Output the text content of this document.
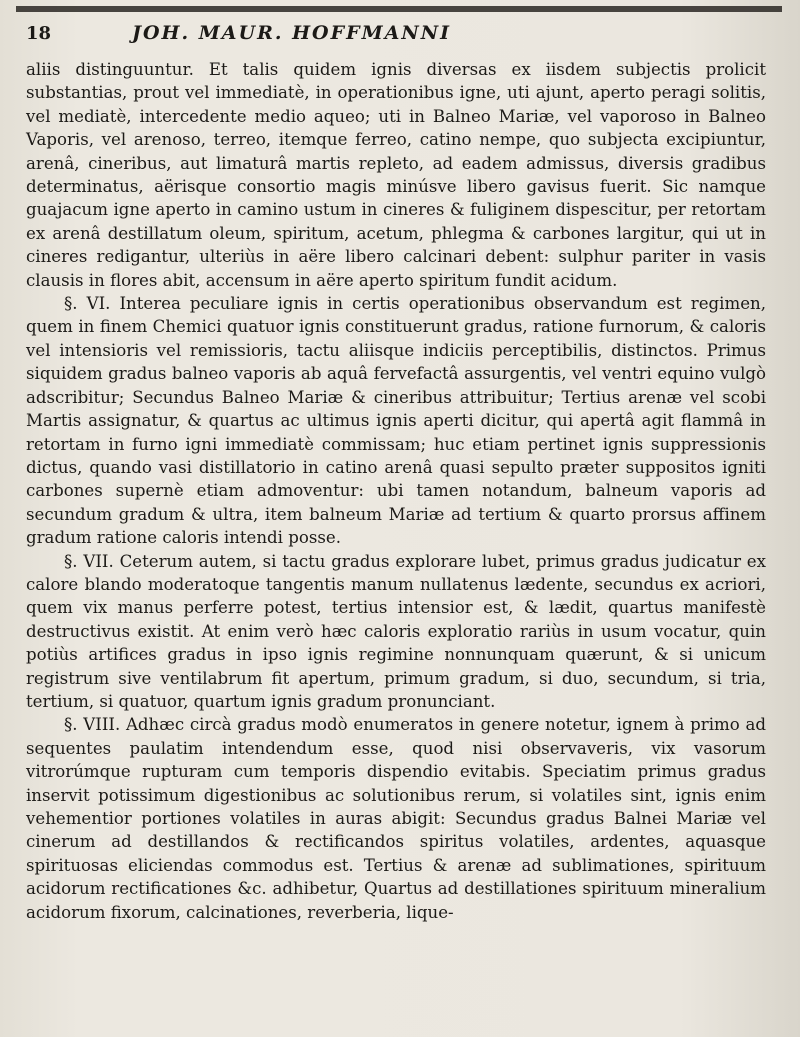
18	JOH. MAUR. HOFFMANNI

aliis distinguuntur. Et talis quidem ignis diversas ex iisdem subjectis prolicit substantias, prout vel immediatè, in operationibus igne, uti ajunt, aperto peragi solitis, vel mediatè, intercedente medio aqueo; uti in Balneo Mariæ, vel vaporoso in Balneo Vaporis, vel arenoso, terreo, itemque ferreo, catino nempe, quo subjecta excipiuntur, arenâ, cineribus, aut limaturâ martis repleto, ad eadem admissus, diversis gradibus determinatus, aërisque consortio magis minúsve libero gavisus fuerit. Sic namque guajacum igne aperto in camino ustum in cineres & fuliginem dispescitur, per retortam ex arenâ destillatum oleum, spiritum, acetum, phlegma & carbones largitur, qui ut in cineres redigantur, ulteriùs in aëre libero calcinari debent: sulphur pariter in vasis clausis in flores abit, accensum in aëre aperto spiritum fundit acidum.

§. VI. Interea peculiare ignis in certis operationibus observandum est regimen, quem in finem Chemici quatuor ignis constituerunt gradus, ratione furnorum, & caloris vel intensioris vel remissioris, tactu aliisque indiciis perceptibilis, distinctos. Primus siquidem gradus balneo vaporis ab aquâ fervefactâ assurgentis, vel ventri equino vulgò adscribitur; Secundus Balneo Mariæ & cineribus attribuitur; Tertius arenæ vel scobi Martis assignatur, & quartus ac ultimus ignis aperti dicitur, qui apertâ agit flammâ in retortam in furno igni immediatè commissam; huc etiam pertinet ignis suppressionis dictus, quando vasi distillatorio in catino arenâ quasi sepulto præter suppositos igniti carbones supernè etiam admoventur: ubi tamen notandum, balneum vaporis ad secundum gradum & ultra, item balneum Mariæ ad tertium & quarto prorsus affinem gradum ratione caloris intendi posse.

§. VII. Ceterum autem, si tactu gradus explorare lubet, primus gradus judicatur ex calore blando moderatoque tangentis manum nullatenus lædente, secundus ex acriori, quem vix manus perferre potest, tertius intensior est, & lædit, quartus manifestè destructivus existit. At enim verò hæc caloris exploratio rariùs in usum vocatur, quin potiùs artifices gradus in ipso ignis regimine nonnunquam quærunt, & si unicum registrum sive ventilabrum fit apertum, primum gradum, si duo, secundum, si tria, tertium, si quatuor, quartum ignis gradum pronunciant.

§. VIII. Adhæc circà gradus modò enumeratos in genere notetur, ignem à primo ad sequentes paulatim intendendum esse, quod nisi observaveris, vix vasorum vitrorúmque rupturam cum temporis dispendio evitabis. Speciatim primus gradus inservit potissimum digestionibus ac solutionibus rerum, si volatiles sint, ignis enim vehementior portiones volatiles in auras abigit: Secundus gradus Balnei Mariæ vel cinerum ad destillandos & rectificandos spiritus volatiles, ardentes, aquasque spirituosas eliciendas commodus est. Tertius & arenæ ad sublimationes, spirituum acidorum rectificationes &c. adhibetur, Quartus ad destillationes spirituum mineralium acidorum fixorum, calcinationes, reverberia, lique-
